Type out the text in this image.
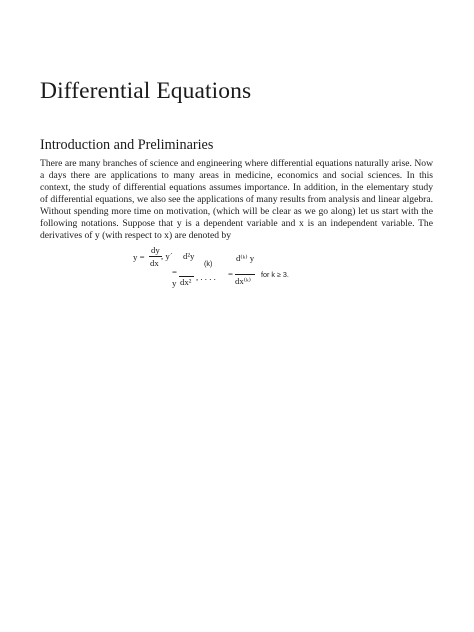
Differential Equations
Introduction and Preliminaries
There are many branches of science and engineering where differential equations naturally arise. Now
a days there are applications to many areas in medicine, economics and social sciences. In this
context, the study of differential equations assumes importance. In addition, in the elementary study
of differential equations, we also see the applications of many results from analysis and linear algebra.
Without spending more time on motivation, (which will be clear as we go along) let us start with the
following notations. Suppose that y is a dependent variable and x is an independent variable. The
derivatives of y (with respect to x) are denoted by
y =
dy
dx
, y´ d²y
=
y dx² , . . . .
(k)
=
d⁽ᵏ⁾ y
dx⁽ᵏ⁾
for k ≥ 3.
